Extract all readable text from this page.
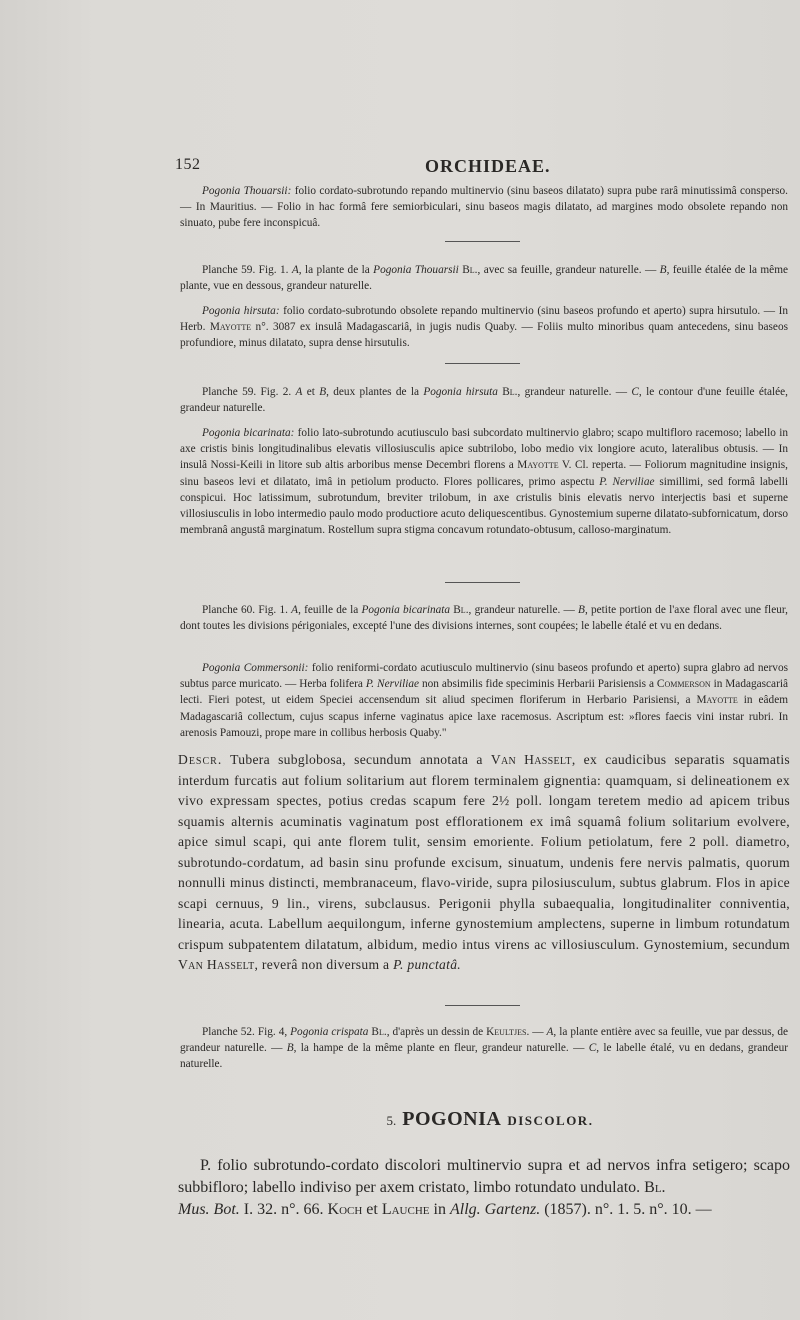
152	ORCHIDEAE.

Pogonia Thouarsii: folio cordato-subrotundo repando multinervio (sinu baseos dilatato) supra pube rarâ minutissimâ consperso. — In Mauritius. — Folio in hac formâ fere semiorbiculari, sinu baseos magis dilatato, ad margines modo obsolete repando non sinuato, pube fere inconspicuâ.

Planche 59. Fig. 1. A, la plante de la Pogonia Thouarsii Bl., avec sa feuille, grandeur naturelle. — B, feuille étalée de la même plante, vue en dessous, grandeur naturelle.

Pogonia hirsuta: folio cordato-subrotundo obsolete repando multinervio (sinu baseos profundo et aperto) supra hirsutulo. — In Herb. Mayotte n°. 3087 ex insulâ Madagascariâ, in jugis nudis Quaby. — Foliis multo minoribus quam antecedens, sinu baseos profundiore, minus dilatato, supra dense hirsutulis.

Planche 59. Fig. 2. A et B, deux plantes de la Pogonia hirsuta Bl., grandeur naturelle. — C, le contour d'une feuille étalée, grandeur naturelle.

Pogonia bicarinata: folio lato-subrotundo acutiusculo basi subcordato multinervio glabro; scapo multifloro racemoso; labello in axe cristis binis longitudinalibus elevatis villosiusculis apice subtrilobo, lobo medio vix longiore acuto, lateralibus obtusis. — In insulâ Nossi-Keili in litore sub altis arboribus mense Decembri florens a Mayotte V. Cl. reperta. — Foliorum magnitudine insignis, sinu baseos levi et dilatato, imâ in petiolum producto. Flores pollicares, primo aspectu P. Nerviliae simillimi, sed formâ labelli conspicui. Hoc latissimum, subrotundum, breviter trilobum, in axe cristulis binis elevatis nervo interjectis basi et superne villosiusculis in lobo intermedio paulo modo productiore acuto deliquescentibus. Gynostemium superne dilatato-subfornicatum, dorso membranâ angustâ marginatum. Rostellum supra stigma concavum rotundato-obtusum, calloso-marginatum.

Planche 60. Fig. 1. A, feuille de la Pogonia bicarinata Bl., grandeur naturelle. — B, petite portion de l'axe floral avec une fleur, dont toutes les divisions périgoniales, excepté l'une des divisions internes, sont coupées; le labelle étalé et vu en dedans.

Pogonia Commersonii: folio reniformi-cordato acutiusculo multinervio (sinu baseos profundo et aperto) supra glabro ad nervos subtus parce muricato. — Herba folifera P. Nerviliae non absimilis fide speciminis Herbarii Parisiensis a Commerson in Madagascariâ lecti. Fieri potest, ut eidem Speciei accensendum sit aliud specimen floriferum in Herbario Parisiensi, a Mayotte in eâdem Madagascariâ collectum, cujus scapus inferne vaginatus apice laxe racemosus. Ascriptum est: »flores faecis vini instar rubri. In arenosis Pamouzi, prope mare in collibus herbosis Quaby."

Descr. Tubera subglobosa, secundum annotata a Van Hasselt, ex caudicibus separatis squamatis interdum furcatis aut folium solitarium aut florem terminalem gignentia: quamquam, si delineationem ex vivo expressam spectes, potius credas scapum fere 2½ poll. longam teretem medio ad apicem tribus squamis alternis acuminatis vaginatum post efflorationem ex imâ squamâ folium solitarium evolvere, apice simul scapi, qui ante florem tulit, sensim emoriente. Folium petiolatum, fere 2 poll. diametro, subrotundo-cordatum, ad basin sinu profunde excisum, sinuatum, undenis fere nervis palmatis, quorum nonnulli minus distincti, membranaceum, flavo-viride, supra pilosiusculum, subtus glabrum. Flos in apice scapi cernuus, 9 lin., virens, subclausus. Perigonii phylla subaequalia, longitudinaliter conniventia, linearia, acuta. Labellum aequilongum, inferne gynostemium amplectens, superne in limbum rotundatum crispum subpatentem dilatatum, albidum, medio intus virens ac villosiusculum. Gynostemium, secundum Van Hasselt, reverâ non diversum a P. punctatâ.

Planche 52. Fig. 4, Pogonia crispata Bl., d'après un dessin de Keultjes. — A, la plante entière avec sa feuille, vue par dessus, de grandeur naturelle. — B, la hampe de la même plante en fleur, grandeur naturelle. — C, le labelle étalé, vu en dedans, grandeur naturelle.

5. POGONIA DISCOLOR.
P. folio subrotundo-cordato discolori multinervio supra et ad nervos infra setigero; scapo subbifloro; labello indiviso per axem cristato, limbo rotundato undulato. Bl.
Mus. Bot. I. 32. n°. 66. Koch et Lauche in Allg. Gartenz. (1857). n°. 1. 5. n°. 10. —
